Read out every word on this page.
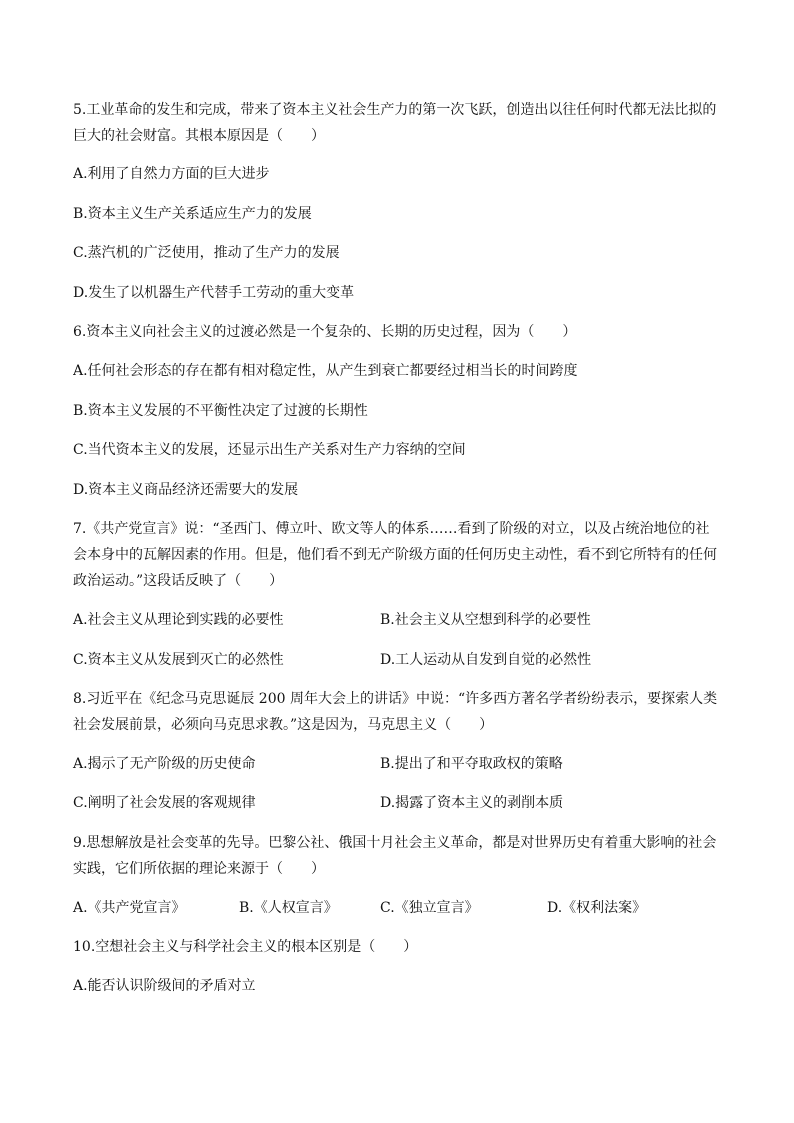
5.工业革命的发生和完成，带来了资本主义社会生产力的第一次飞跃，创造出以往任何时代都无法比拟的
巨大的社会财富。其根本原因是（　　）
A.利用了自然力方面的巨大进步
B.资本主义生产关系适应生产力的发展
C.蒸汽机的广泛使用，推动了生产力的发展
D.发生了以机器生产代替手工劳动的重大变革
6.资本主义向社会主义的过渡必然是一个复杂的、长期的历史过程，因为（　　）
A.任何社会形态的存在都有相对稳定性，从产生到衰亡都要经过相当长的时间跨度
B.资本主义发展的不平衡性决定了过渡的长期性
C.当代资本主义的发展，还显示出生产关系对生产力容纳的空间
D.资本主义商品经济还需要大的发展
7.《共产党宣言》说：“圣西门、傅立叶、欧文等人的体系……看到了阶级的对立，以及占统治地位的社
会本身中的瓦解因素的作用。但是，他们看不到无产阶级方面的任何历史主动性，看不到它所特有的任何
政治运动。”这段话反映了（　　）
A.社会主义从理论到实践的必要性	B.社会主义从空想到科学的必要性
C.资本主义从发展到灭亡的必然性	D.工人运动从自发到自觉的必然性
8.习近平在《纪念马克思诞辰 200 周年大会上的讲话》中说：“许多西方著名学者纷纷表示，要探索人类
社会发展前景，必须向马克思求教。”这是因为，马克思主义（　　）
A.揭示了无产阶级的历史使命	B.提出了和平夺取政权的策略
C.阐明了社会发展的客观规律	D.揭露了资本主义的剥削本质
9.思想解放是社会变革的先导。巴黎公社、俄国十月社会主义革命，都是对世界历史有着重大影响的社会
实践，它们所依据的理论来源于（　　）
A.《共产党宣言》	B.《人权宣言》	C.《独立宣言》	D.《权利法案》
10.空想社会主义与科学社会主义的根本区别是（　　）
A.能否认识阶级间的矛盾对立
